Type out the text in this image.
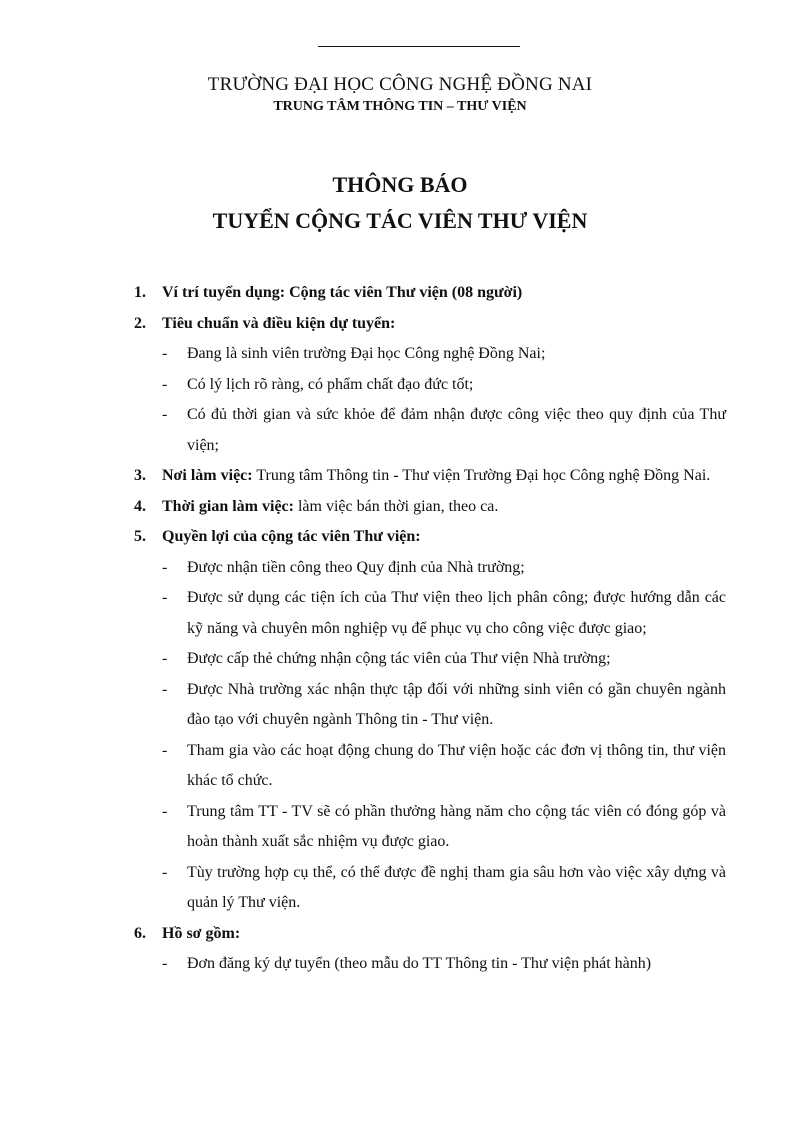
TRƯỜNG ĐẠI HỌC CÔNG NGHỆ ĐỒNG NAI
TRUNG TÂM THÔNG TIN – THƯ VIỆN
THÔNG BÁO
TUYỂN CỘNG TÁC VIÊN THƯ VIỆN
1. Ví trí tuyển dụng: Cộng tác viên Thư viện (08 người)
2. Tiêu chuẩn và điều kiện dự tuyển:
- Đang là sinh viên trường Đại học Công nghệ Đồng Nai;
- Có lý lịch rõ ràng, có phẩm chất đạo đức tốt;
- Có đủ thời gian và sức khỏe để đảm nhận được công việc theo quy định của Thư viện;
3. Nơi làm việc: Trung tâm Thông tin - Thư viện Trường Đại học Công nghệ Đồng Nai.
4. Thời gian làm việc: làm việc bán thời gian, theo ca.
5. Quyền lợi của cộng tác viên Thư viện:
- Được nhận tiền công theo Quy định của Nhà trường;
- Được sử dụng các tiện ích của Thư viện theo lịch phân công; được hướng dẫn các kỹ năng và chuyên môn nghiệp vụ để phục vụ cho công việc được giao;
- Được cấp thẻ chứng nhận cộng tác viên của Thư viện Nhà trường;
- Được Nhà trường xác nhận thực tập đối với những sinh viên có gần chuyên ngành đào tạo với chuyên ngành Thông tin - Thư viện.
- Tham gia vào các hoạt động chung do Thư viện hoặc các đơn vị thông tin, thư viện khác tổ chức.
- Trung tâm TT - TV sẽ có phần thưởng hàng năm cho cộng tác viên có đóng góp và hoàn thành xuất sắc nhiệm vụ được giao.
- Tùy trường hợp cụ thể, có thể được đề nghị tham gia sâu hơn vào việc xây dựng và quản lý Thư viện.
6. Hồ sơ gồm:
- Đơn đăng ký dự tuyển (theo mẫu do TT Thông tin - Thư viện phát hành)
